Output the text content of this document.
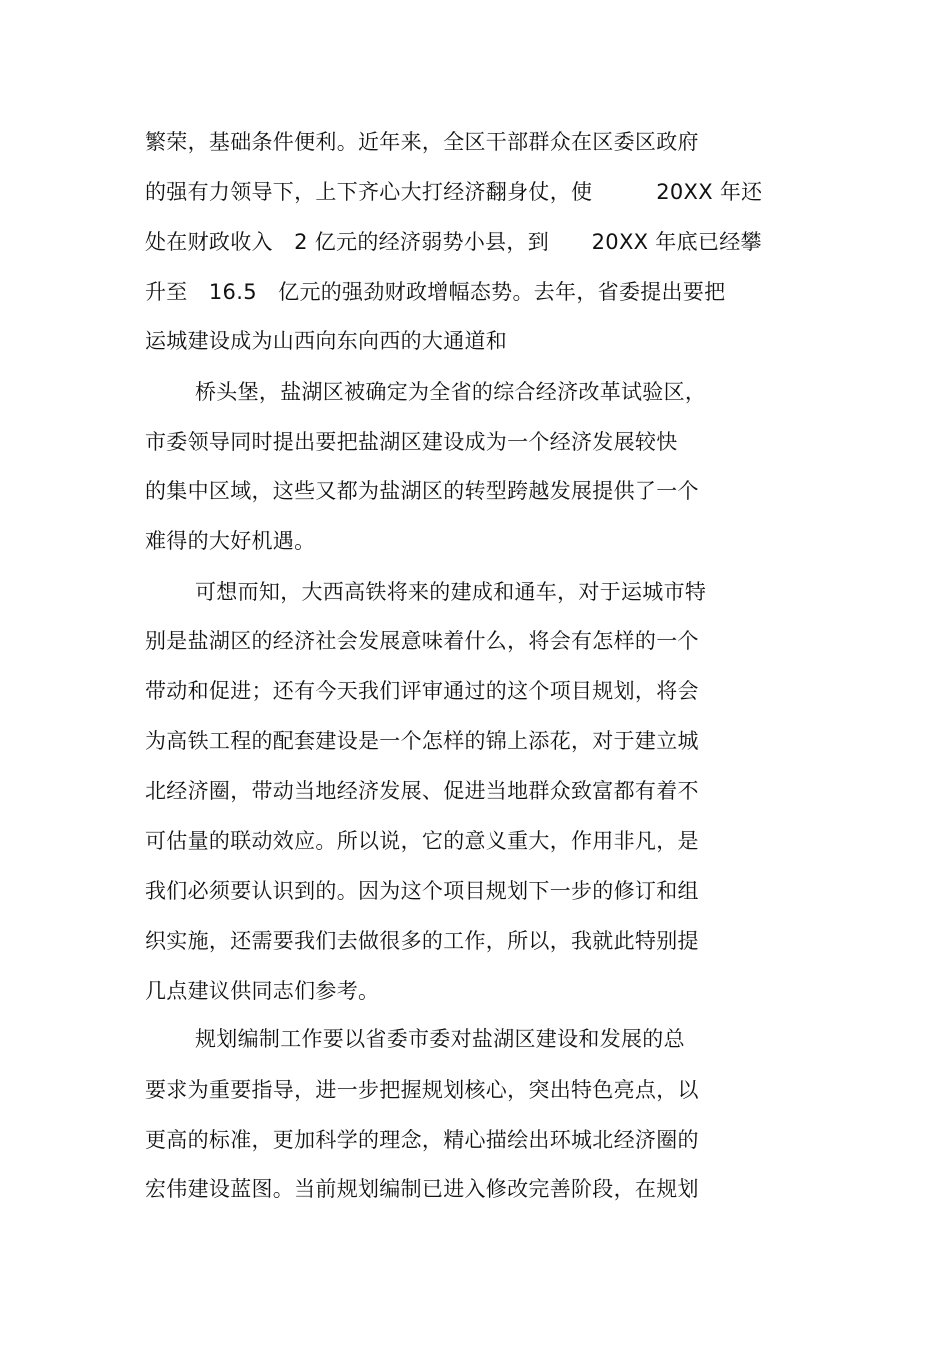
繁荣，基础条件便利。近年来，全区干部群众在区委区政府
的强有力领导下，上下齐心大打经济翻身仗，使　　　20XX 年还
处在财政收入　2 亿元的经济弱势小县，到　　20XX 年底已经攀
升至　16.5　亿元的强劲财政增幅态势。去年，省委提出要把
运城建设成为山西向东向西的大通道和
桥头堡，盐湖区被确定为全省的综合经济改革试验区，
市委领导同时提出要把盐湖区建设成为一个经济发展较快
的集中区域，这些又都为盐湖区的转型跨越发展提供了一个
难得的大好机遇。
可想而知，大西高铁将来的建成和通车，对于运城市特
别是盐湖区的经济社会发展意味着什么，将会有怎样的一个
带动和促进；还有今天我们评审通过的这个项目规划，将会
为高铁工程的配套建设是一个怎样的锦上添花，对于建立城
北经济圈，带动当地经济发展、促进当地群众致富都有着不
可估量的联动效应。所以说，它的意义重大，作用非凡，是
我们必须要认识到的。因为这个项目规划下一步的修订和组
织实施，还需要我们去做很多的工作，所以，我就此特别提
几点建议供同志们参考。
规划编制工作要以省委市委对盐湖区建设和发展的总
要求为重要指导，进一步把握规划核心，突出特色亮点，以
更高的标准，更加科学的理念，精心描绘出环城北经济圈的
宏伟建设蓝图。当前规划编制已进入修改完善阶段，在规划
